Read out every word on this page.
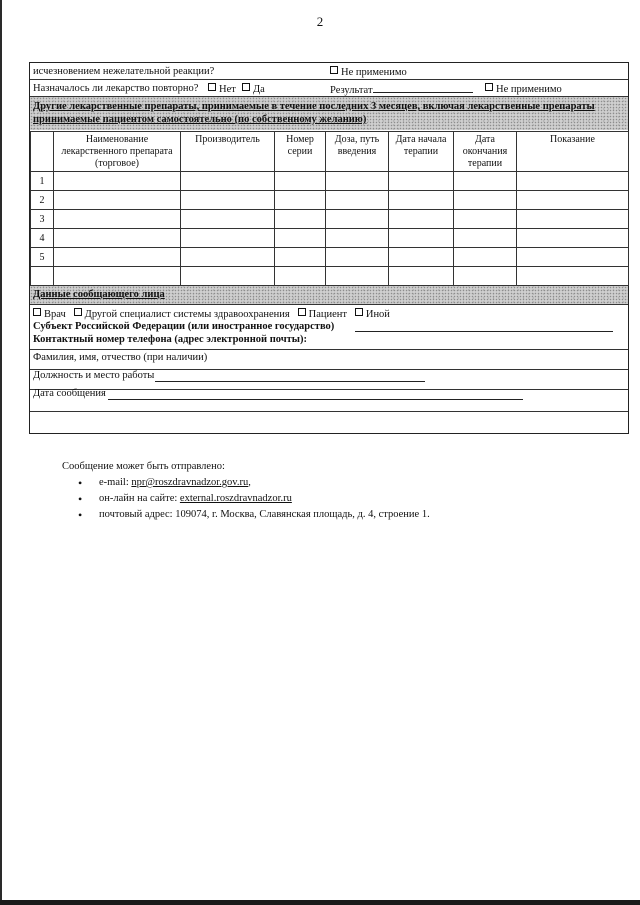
2
исчезновением нежелательной реакции?	Не применимо
Назначалось ли лекарство повторно?	Нет	Да	Результат	Не применимо
Другие лекарственные препараты, принимаемые в течение последних 3 месяцев, включая лекарственные препараты
принимаемые пациентом самостоятельно (по собственному желанию)
	Наименование лекарственного препарата (торговое)	Производитель	Номер серии	Доза, путь введения	Дата начала терапии	Дата окончания терапии	Показание
1							
2							
3							
4							
5							

Данные сообщающего лица
Врач Другой специалист системы здравоохранения Пациент Иной
Субъект Российской Федерации (или иностранное государство)
Контактный номер телефона (адрес электронной почты):
Фамилия, имя, отчество (при наличии)
Должность и место работы
Дата сообщения
Сообщение может быть отправлено:
• e-mail: npr@roszdravnadzor.gov.ru,
• он-лайн на сайте: external.roszdravnadzor.ru
• почтовый адрес: 109074, г. Москва, Славянская площадь, д. 4, строение 1.
